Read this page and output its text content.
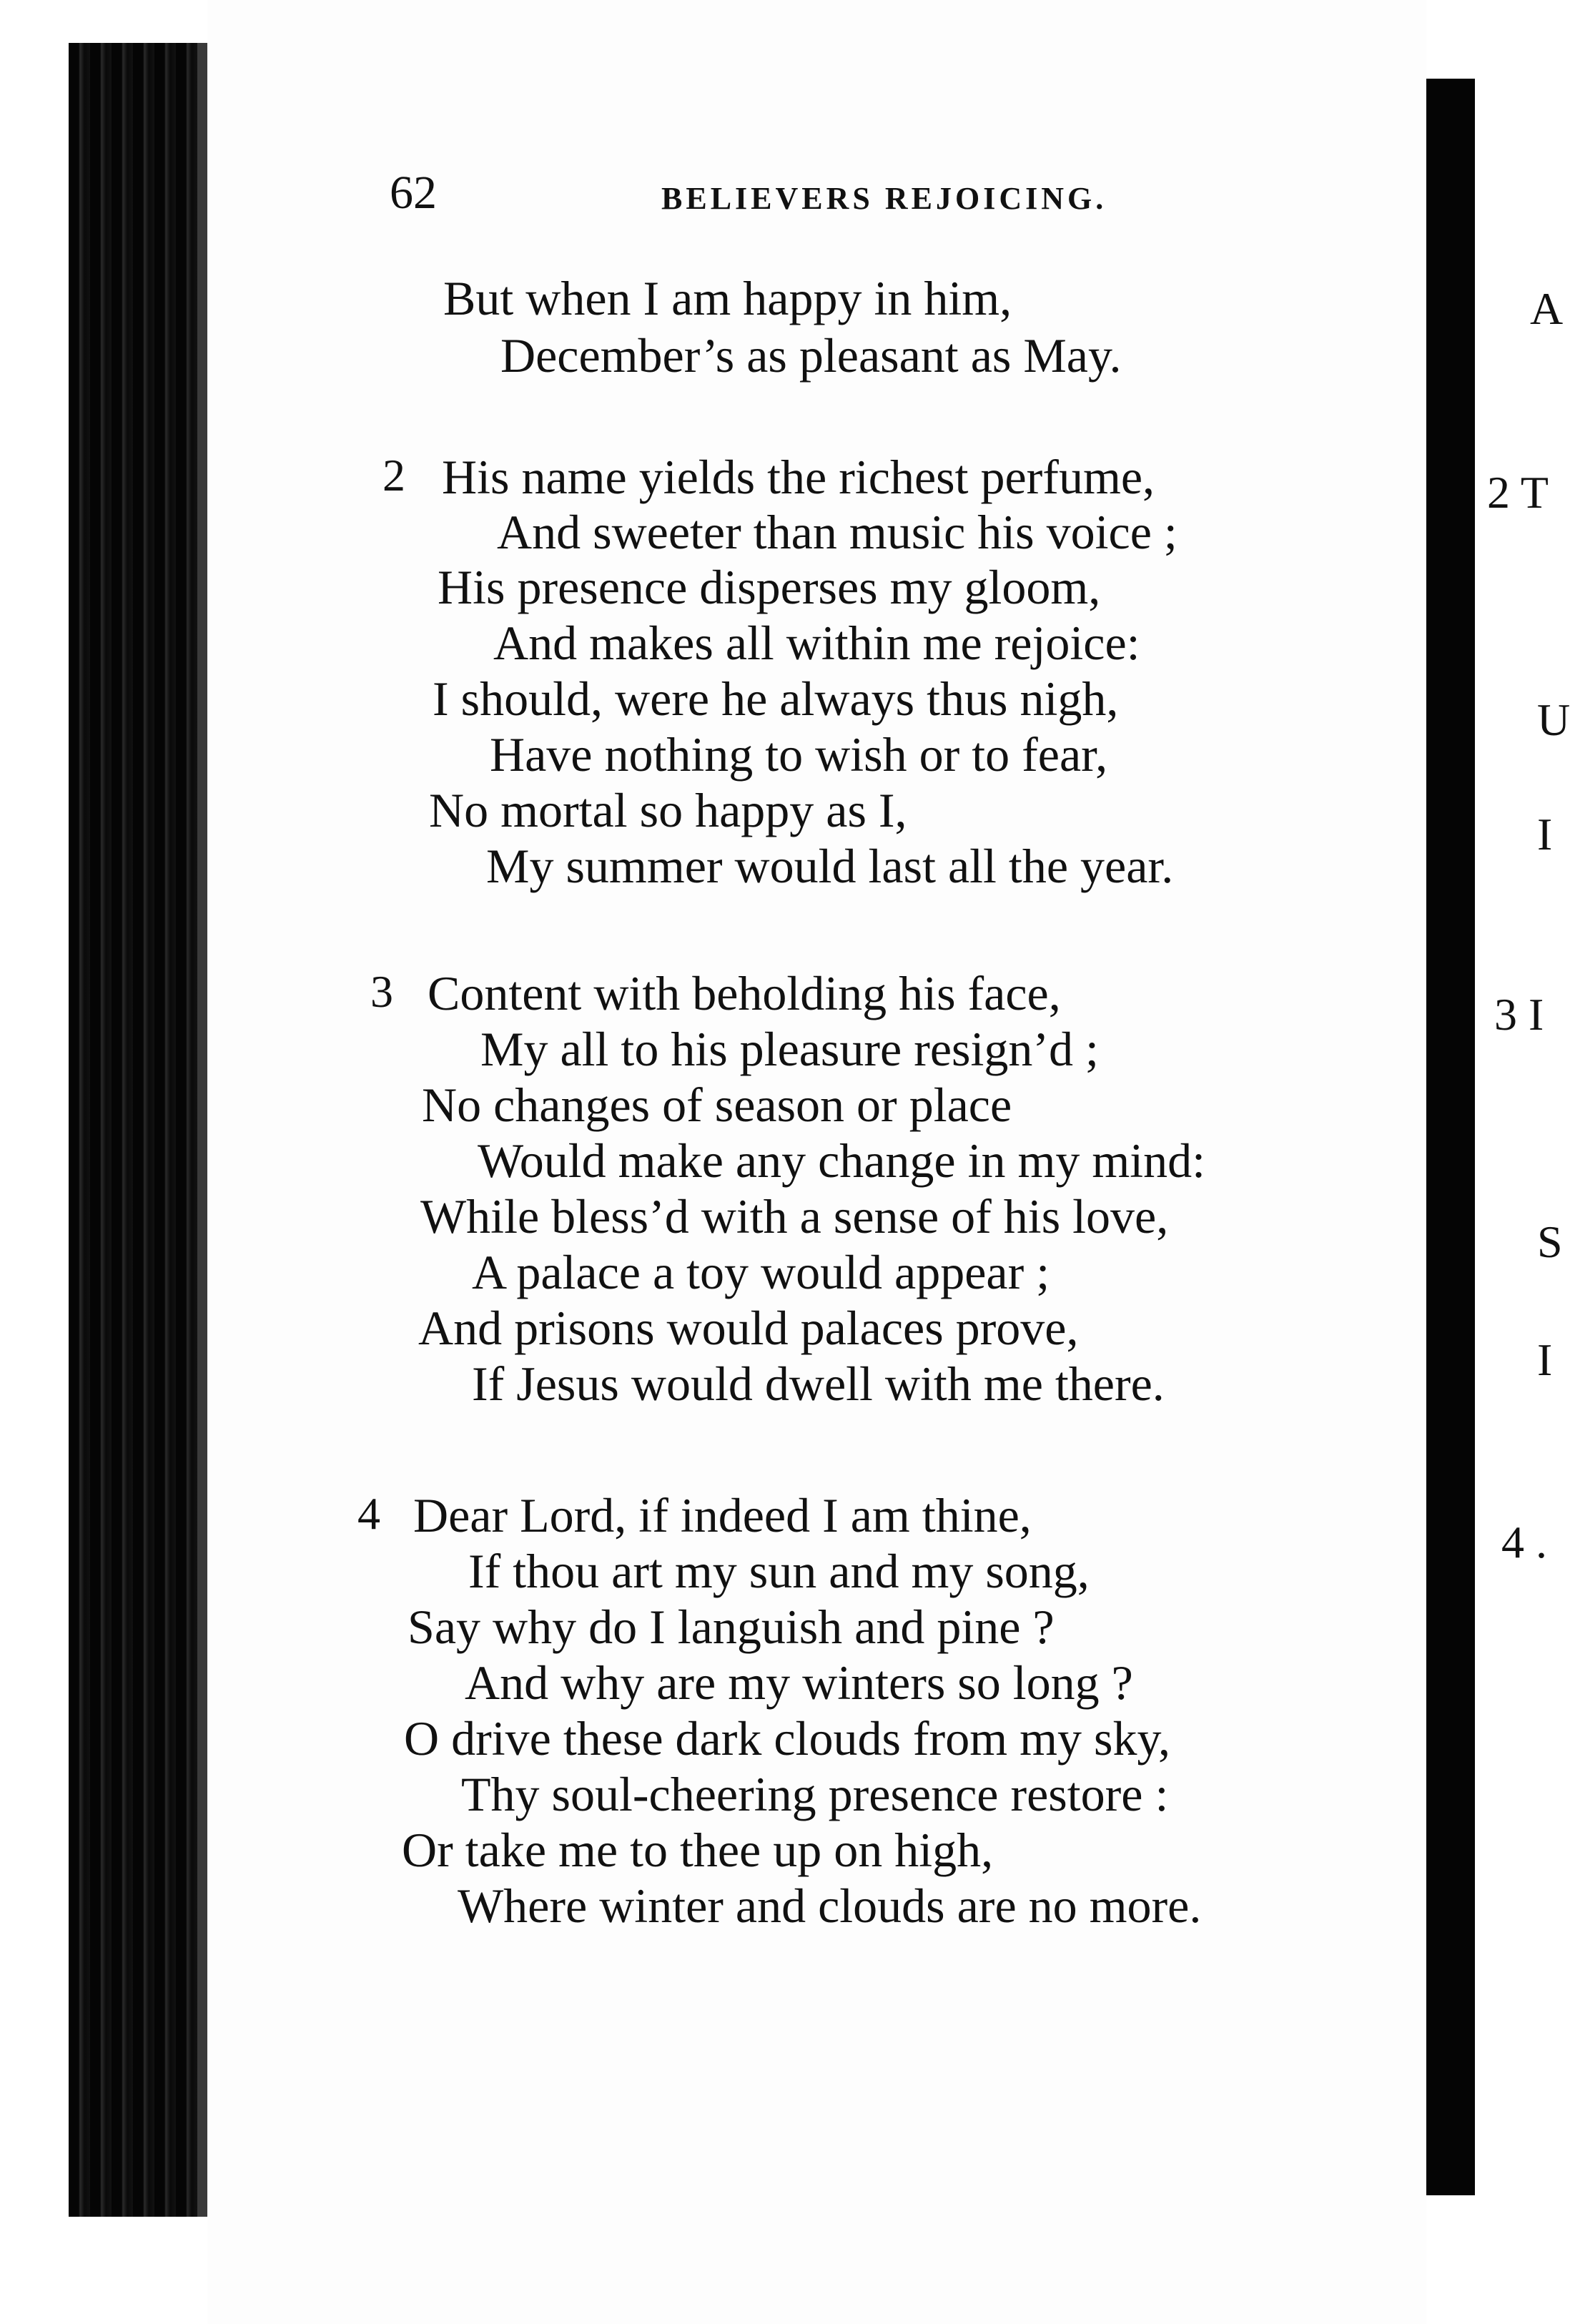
62	BELIEVERS REJOICING.
But when I am happy in him,
December’s as pleasant as May.
2 His name yields the richest perfume,
And sweeter than music his voice ;
His presence disperses my gloom,
And makes all within me rejoice:
I should, were he always thus nigh,
Have nothing to wish or to fear,
No mortal so happy as I,
My summer would last all the year.
3 Content with beholding his face,
My all to his pleasure resign’d ;
No changes of season or place
Would make any change in my mind:
While bless’d with a sense of his love,
A palace a toy would appear ;
And prisons would palaces prove,
If Jesus would dwell with me there.
4 Dear Lord, if indeed I am thine,
If thou art my sun and my song,
Say why do I languish and pine ?
And why are my winters so long ?
O drive these dark clouds from my sky,
Thy soul-cheering presence restore :
Or take me to thee up on high,
Where winter and clouds are no more.
A
2 T
U
I
3 I
S
I
4 .
